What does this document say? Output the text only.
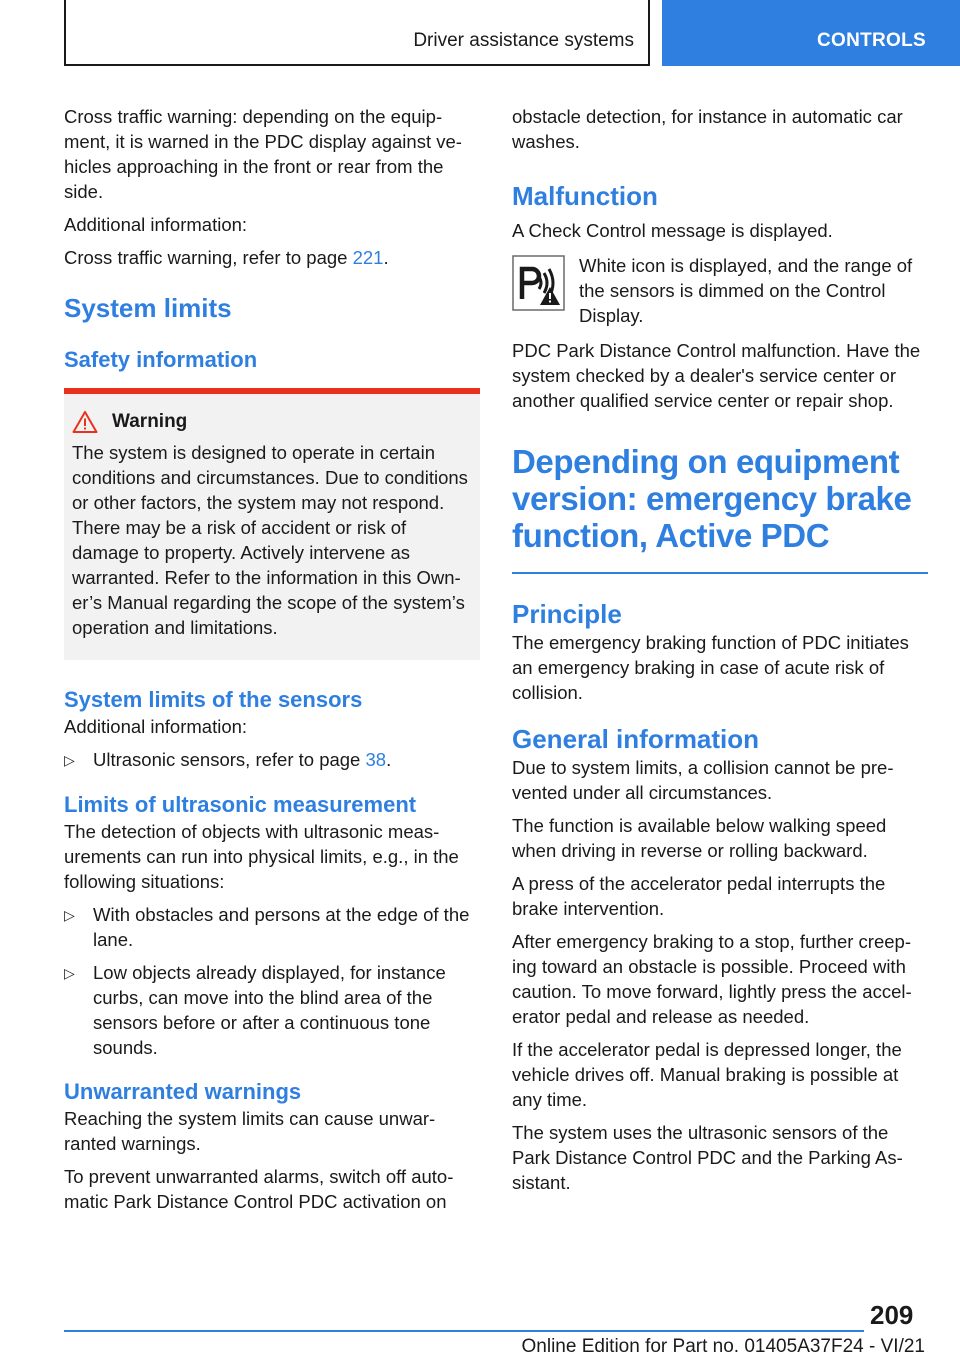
Driver assistance systems	CONTROLS

Cross traffic warning: depending on the equipment, it is warned in the PDC display against vehicles approaching in the front or rear from the side.

Additional information:

Cross traffic warning, refer to page 221.

System limits
Safety information
Warning

The system is designed to operate in certain conditions and circumstances. Due to conditions or other factors, the system may not respond. There may be a risk of accident or risk of damage to property. Actively intervene as warranted. Refer to the information in this Owner’s Manual regarding the scope of the system’s operation and limitations.

System limits of the sensors

Additional information:

▷ Ultrasonic sensors, refer to page 38.
Limits of ultrasonic measurement

The detection of objects with ultrasonic measurements can run into physical limits, e.g., in the following situations:

▷ With obstacles and persons at the edge of the lane.
▷ Low objects already displayed, for instance curbs, can move into the blind area of the sensors before or after a continuous tone sounds.
Unwarranted warnings

Reaching the system limits can cause unwarranted warnings.

To prevent unwarranted alarms, switch off automatic Park Distance Control PDC activation on

obstacle detection, for instance in automatic car washes.

Malfunction

A Check Control message is displayed.

White icon is displayed, and the range of the sensors is dimmed on the Control Display.

PDC Park Distance Control malfunction. Have the system checked by a dealer's service center or another qualified service center or repair shop.

Depending on equipment version: emergency brake function, Active PDC
Principle

The emergency braking function of PDC initiates an emergency braking in case of acute risk of collision.

General information

Due to system limits, a collision cannot be prevented under all circumstances.

The function is available below walking speed when driving in reverse or rolling backward.

A press of the accelerator pedal interrupts the brake intervention.

After emergency braking to a stop, further creeping toward an obstacle is possible. Proceed with caution. To move forward, lightly press the accelerator pedal and release as needed.

If the accelerator pedal is depressed longer, the vehicle drives off. Manual braking is possible at any time.

The system uses the ultrasonic sensors of the Park Distance Control PDC and the Parking Assistant.

209
Online Edition for Part no. 01405A37F24 - VI/21
